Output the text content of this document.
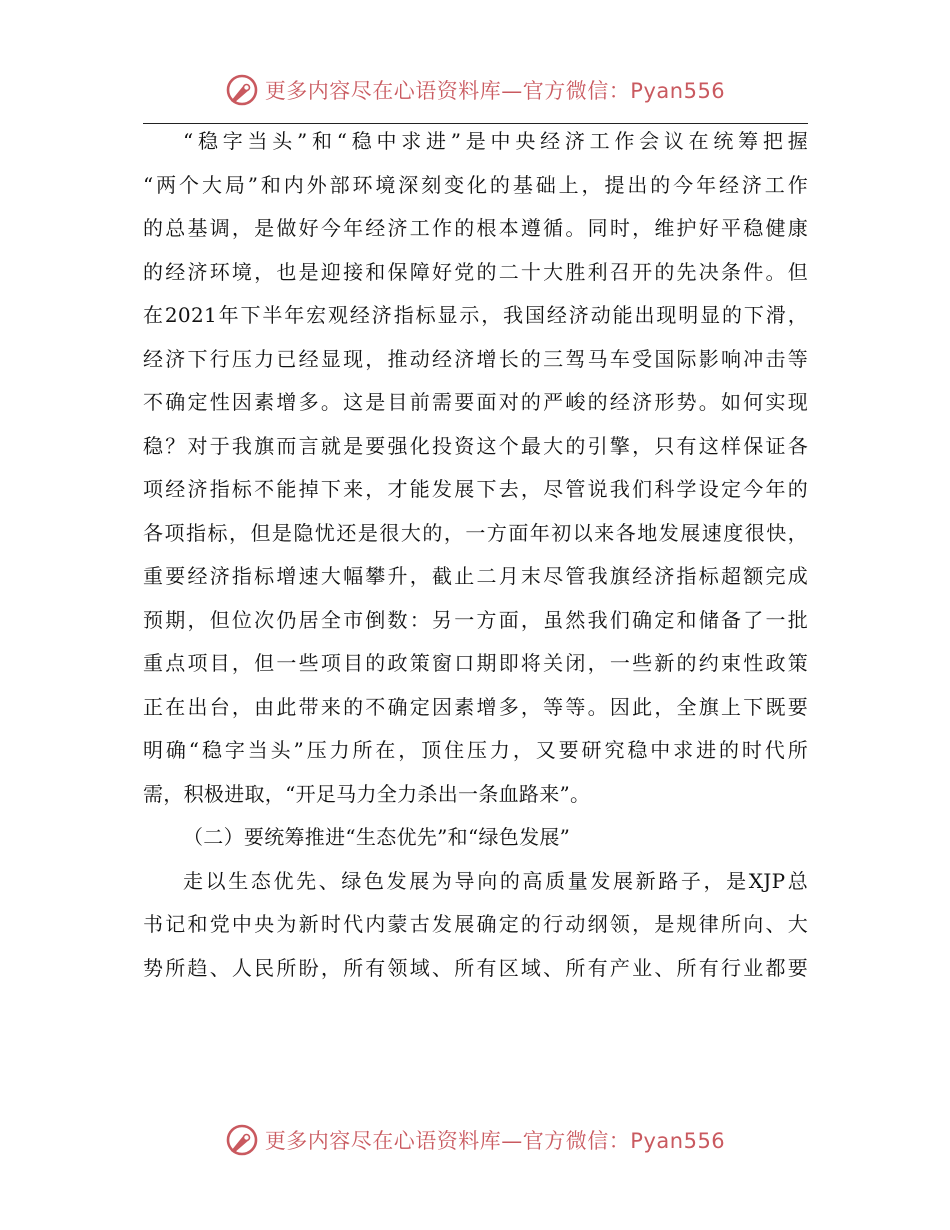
更多内容尽在心语资料库—官方微信：Pyan556
“稳字当头”和“稳中求进”是中央经济工作会议在统筹把握
“两个大局”和内外部环境深刻变化的基础上，提出的今年经济工作
的总基调，是做好今年经济工作的根本遵循。同时，维护好平稳健康
的经济环境，也是迎接和保障好党的二十大胜利召开的先决条件。但
在2021年下半年宏观经济指标显示，我国经济动能出现明显的下滑，
经济下行压力已经显现，推动经济增长的三驾马车受国际影响冲击等
不确定性因素增多。这是目前需要面对的严峻的经济形势。如何实现
稳？对于我旗而言就是要强化投资这个最大的引擎，只有这样保证各
项经济指标不能掉下来，才能发展下去，尽管说我们科学设定今年的
各项指标，但是隐忧还是很大的，一方面年初以来各地发展速度很快，
重要经济指标增速大幅攀升，截止二月末尽管我旗经济指标超额完成
预期，但位次仍居全市倒数：另一方面，虽然我们确定和储备了一批
重点项目，但一些项目的政策窗口期即将关闭，一些新的约束性政策
正在出台，由此带来的不确定因素增多，等等。因此，全旗上下既要
明确“稳字当头”压力所在，顶住压力，又要研究稳中求进的时代所
需，积极进取，“开足马力全力杀出一条血路来”。
（二）要统筹推进“生态优先”和“绿色发展”
走以生态优先、绿色发展为导向的高质量发展新路子，是XJP总
书记和党中央为新时代内蒙古发展确定的行动纲领，是规律所向、大
势所趋、人民所盼，所有领域、所有区域、所有产业、所有行业都要
更多内容尽在心语资料库—官方微信：Pyan556
